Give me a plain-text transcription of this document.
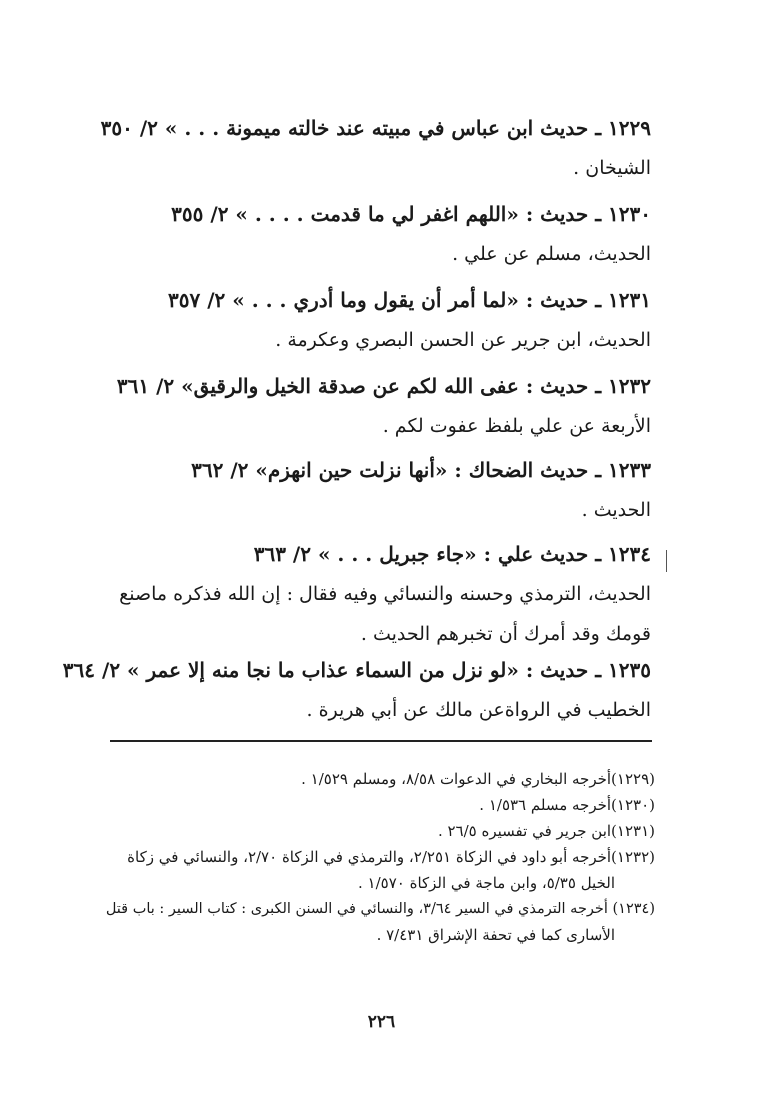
١٢٢٩ ـ حديث ابن عباس في مبيته عند خالته ميمونة . . . » ٢/ ٣٥٠
الشيخان .
١٢٣٠ ـ حديث : «اللهم اغفر لي ما قدمت . . . . » ٢/ ٣٥٥
الحديث، مسلم عن علي .
١٢٣١ ـ حديث : «لما أمر أن يقول وما أدري . . . » ٢/ ٣٥٧
الحديث، ابن جرير عن الحسن البصري وعكرمة .
١٢٣٢ ـ حديث : عفى الله لكم عن صدقة الخيل والرقيق» ٢/ ٣٦١
الأربعة عن علي بلفظ عفوت لكم .
١٢٣٣ ـ حديث الضحاك : «أنها نزلت حين انهزم» ٢/ ٣٦٢
الحديث .
١٢٣٤ ـ حديث علي : «جاء جبريل . . . » ٢/ ٣٦٣
الحديث، الترمذي وحسنه والنسائي وفيه فقال : إن الله فذكره ماصنع
قومك وقد أمرك أن تخبرهم الحديث .
١٢٣٥ ـ حديث : «لو نزل من السماء عذاب ما نجا منه إلا عمر » ٢/ ٣٦٤
الخطيب في الرواةعن مالك عن أبي هريرة .
(١٢٢٩)أخرجه البخاري في الدعوات ٨/٥٨، ومسلم ١/٥٢٩ .
(١٢٣٠)أخرجه مسلم ١/٥٣٦ .
(١٢٣١)ابن جرير في تفسيره ٢٦/٥ .
(١٢٣٢)أخرجه أبو داود في الزكاة ٢/٢٥١، والترمذي في الزكاة ٢/٧٠، والنسائي في زكاة
الخيل ٥/٣٥، وابن ماجة في الزكاة ١/٥٧٠ .
(١٢٣٤) أخرجه الترمذي في السير ٣/٦٤، والنسائي في السنن الكبرى : كتاب السير : باب قتل
الأسارى كما في تحفة الإشراق ٧/٤٣١ .
٢٢٦
